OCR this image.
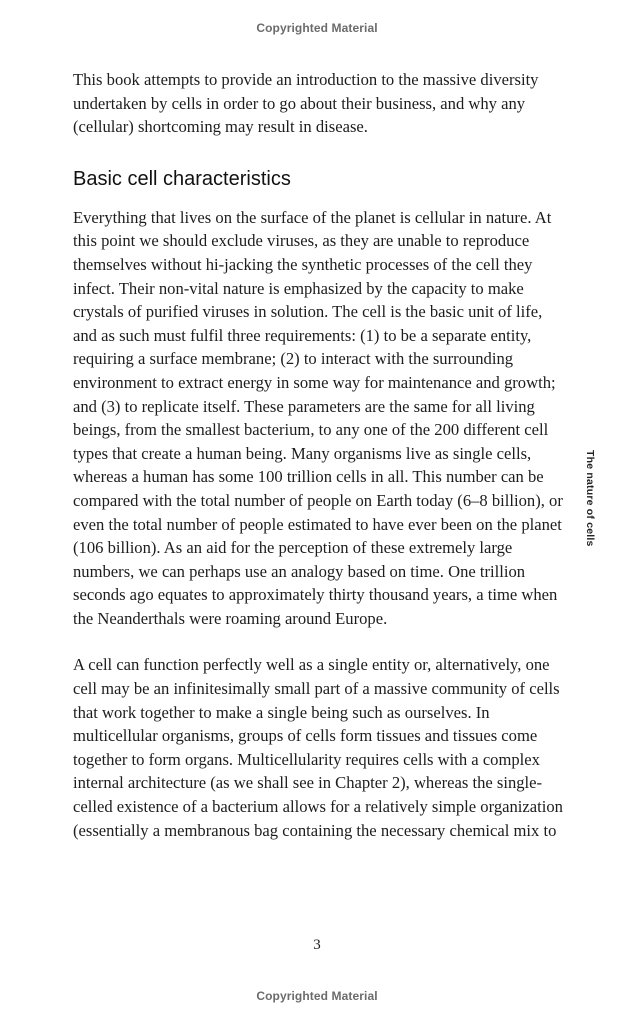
Copyrighted Material

This book attempts to provide an introduction to the massive diversity undertaken by cells in order to go about their business, and why any (cellular) shortcoming may result in disease.

Basic cell characteristics

Everything that lives on the surface of the planet is cellular in nature. At this point we should exclude viruses, as they are unable to reproduce themselves without hi-jacking the synthetic processes of the cell they infect. Their non-vital nature is emphasized by the capacity to make crystals of purified viruses in solution. The cell is the basic unit of life, and as such must fulfil three requirements: (1) to be a separate entity, requiring a surface membrane; (2) to interact with the surrounding environment to extract energy in some way for maintenance and growth; and (3) to replicate itself. These parameters are the same for all living beings, from the smallest bacterium, to any one of the 200 different cell types that create a human being. Many organisms live as single cells, whereas a human has some 100 trillion cells in all. This number can be compared with the total number of people on Earth today (6–8 billion), or even the total number of people estimated to have ever been on the planet (106 billion). As an aid for the perception of these extremely large numbers, we can perhaps use an analogy based on time. One trillion seconds ago equates to approximately thirty thousand years, a time when the Neanderthals were roaming around Europe.

A cell can function perfectly well as a single entity or, alternatively, one cell may be an infinitesimally small part of a massive community of cells that work together to make a single being such as ourselves. In multicellular organisms, groups of cells form tissues and tissues come together to form organs. Multicellularity requires cells with a complex internal architecture (as we shall see in Chapter 2), whereas the single-celled existence of a bacterium allows for a relatively simple organization (essentially a membranous bag containing the necessary chemical mix to

The nature of cells
3
Copyrighted Material
